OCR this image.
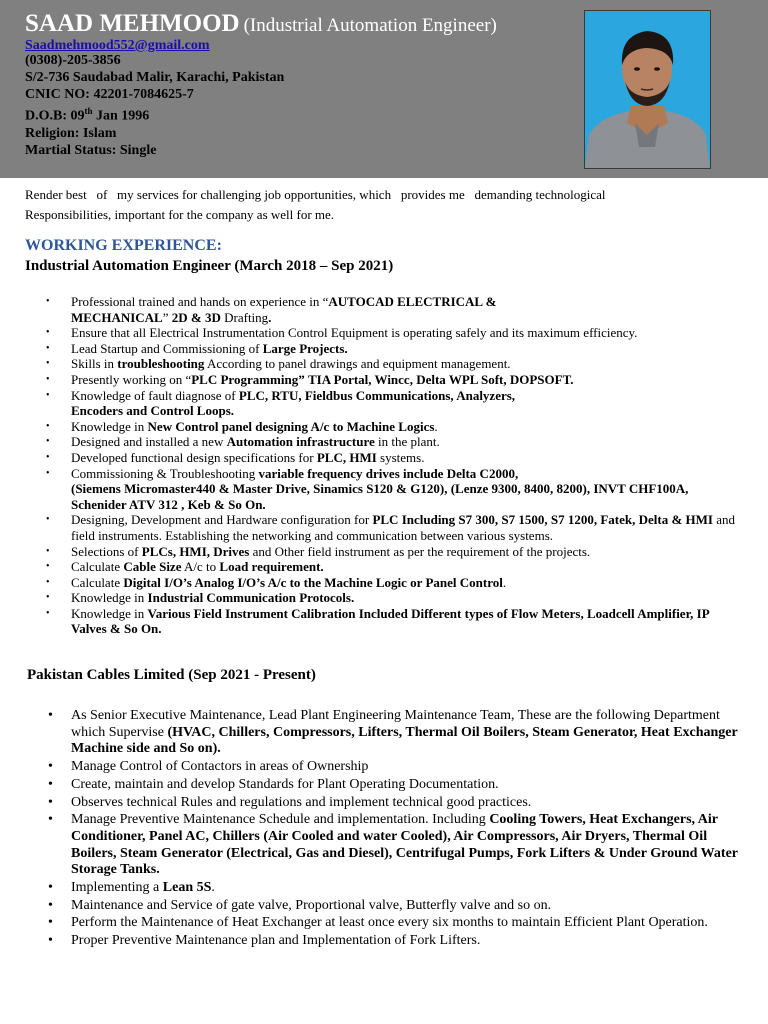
SAAD MEHMOOD (Industrial Automation Engineer)
Saadmehmood552@gmail.com
(0308)-205-3856
S/2-736 Saudabad Malir, Karachi, Pakistan
CNIC NO: 42201-7084625-7
D.O.B: 09th Jan 1996
Religion: Islam
Martial Status: Single
Render best   of   my services for challenging job opportunities, which   provides me   demanding technological
Responsibilities, important for the company as well for me.
WORKING EXPERIENCE:
Industrial Automation Engineer (March 2018 – Sep 2021)
• Professional trained and hands on experience in “AUTOCAD ELECTRICAL &
MECHANICAL” 2D & 3D Drafting.
• Ensure that all Electrical Instrumentation Control Equipment is operating safely and its maximum efficiency.
• Lead Startup and Commissioning of Large Projects.
• Skills in troubleshooting According to panel drawings and equipment management.
• Presently working on “PLC Programming” TIA Portal, Wincc, Delta WPL Soft, DOPSOFT.
• Knowledge of fault diagnose of PLC, RTU, Fieldbus Communications, Analyzers,
Encoders and Control Loops.
• Knowledge in New Control panel designing A/c to Machine Logics.
• Designed and installed a new Automation infrastructure in the plant.
• Developed functional design specifications for PLC, HMI systems.
• Commissioning & Troubleshooting variable frequency drives include Delta C2000,
(Siemens Micromaster440 & Master Drive, Sinamics S120 & G120), (Lenze 9300, 8400, 8200), INVT CHF100A, Schenider ATV 312 , Keb & So On.
• Designing, Development and Hardware configuration for PLC Including S7 300, S7 1500, S7 1200, Fatek, Delta & HMI and field instruments. Establishing the networking and communication between various systems.
• Selections of PLCs, HMI, Drives and Other field instrument as per the requirement of the projects.
• Calculate Cable Size A/c to Load requirement.
• Calculate Digital I/O’s Analog I/O’s A/c to the Machine Logic or Panel Control.
• Knowledge in Industrial Communication Protocols.
• Knowledge in Various Field Instrument Calibration Included Different types of Flow Meters, Loadcell Amplifier, IP Valves & So On.
Pakistan Cables Limited (Sep 2021 - Present)
• As Senior Executive Maintenance, Lead Plant Engineering Maintenance Team, These are the following Department which Supervise (HVAC, Chillers, Compressors, Lifters, Thermal Oil Boilers, Steam Generator, Heat Exchanger Machine side and So on).
• Manage Control of Contactors in areas of Ownership
• Create, maintain and develop Standards for Plant Operating Documentation.
• Observes technical Rules and regulations and implement technical good practices.
• Manage Preventive Maintenance Schedule and implementation. Including Cooling Towers, Heat Exchangers, Air Conditioner, Panel AC, Chillers (Air Cooled and water Cooled), Air Compressors, Air Dryers, Thermal Oil Boilers, Steam Generator (Electrical, Gas and Diesel), Centrifugal Pumps, Fork Lifters & Under Ground Water Storage Tanks.
• Implementing a Lean 5S.
• Maintenance and Service of gate valve, Proportional valve, Butterfly valve and so on.
• Perform the Maintenance of Heat Exchanger at least once every six months to maintain Efficient Plant Operation.
• Proper Preventive Maintenance plan and Implementation of Fork Lifters.
